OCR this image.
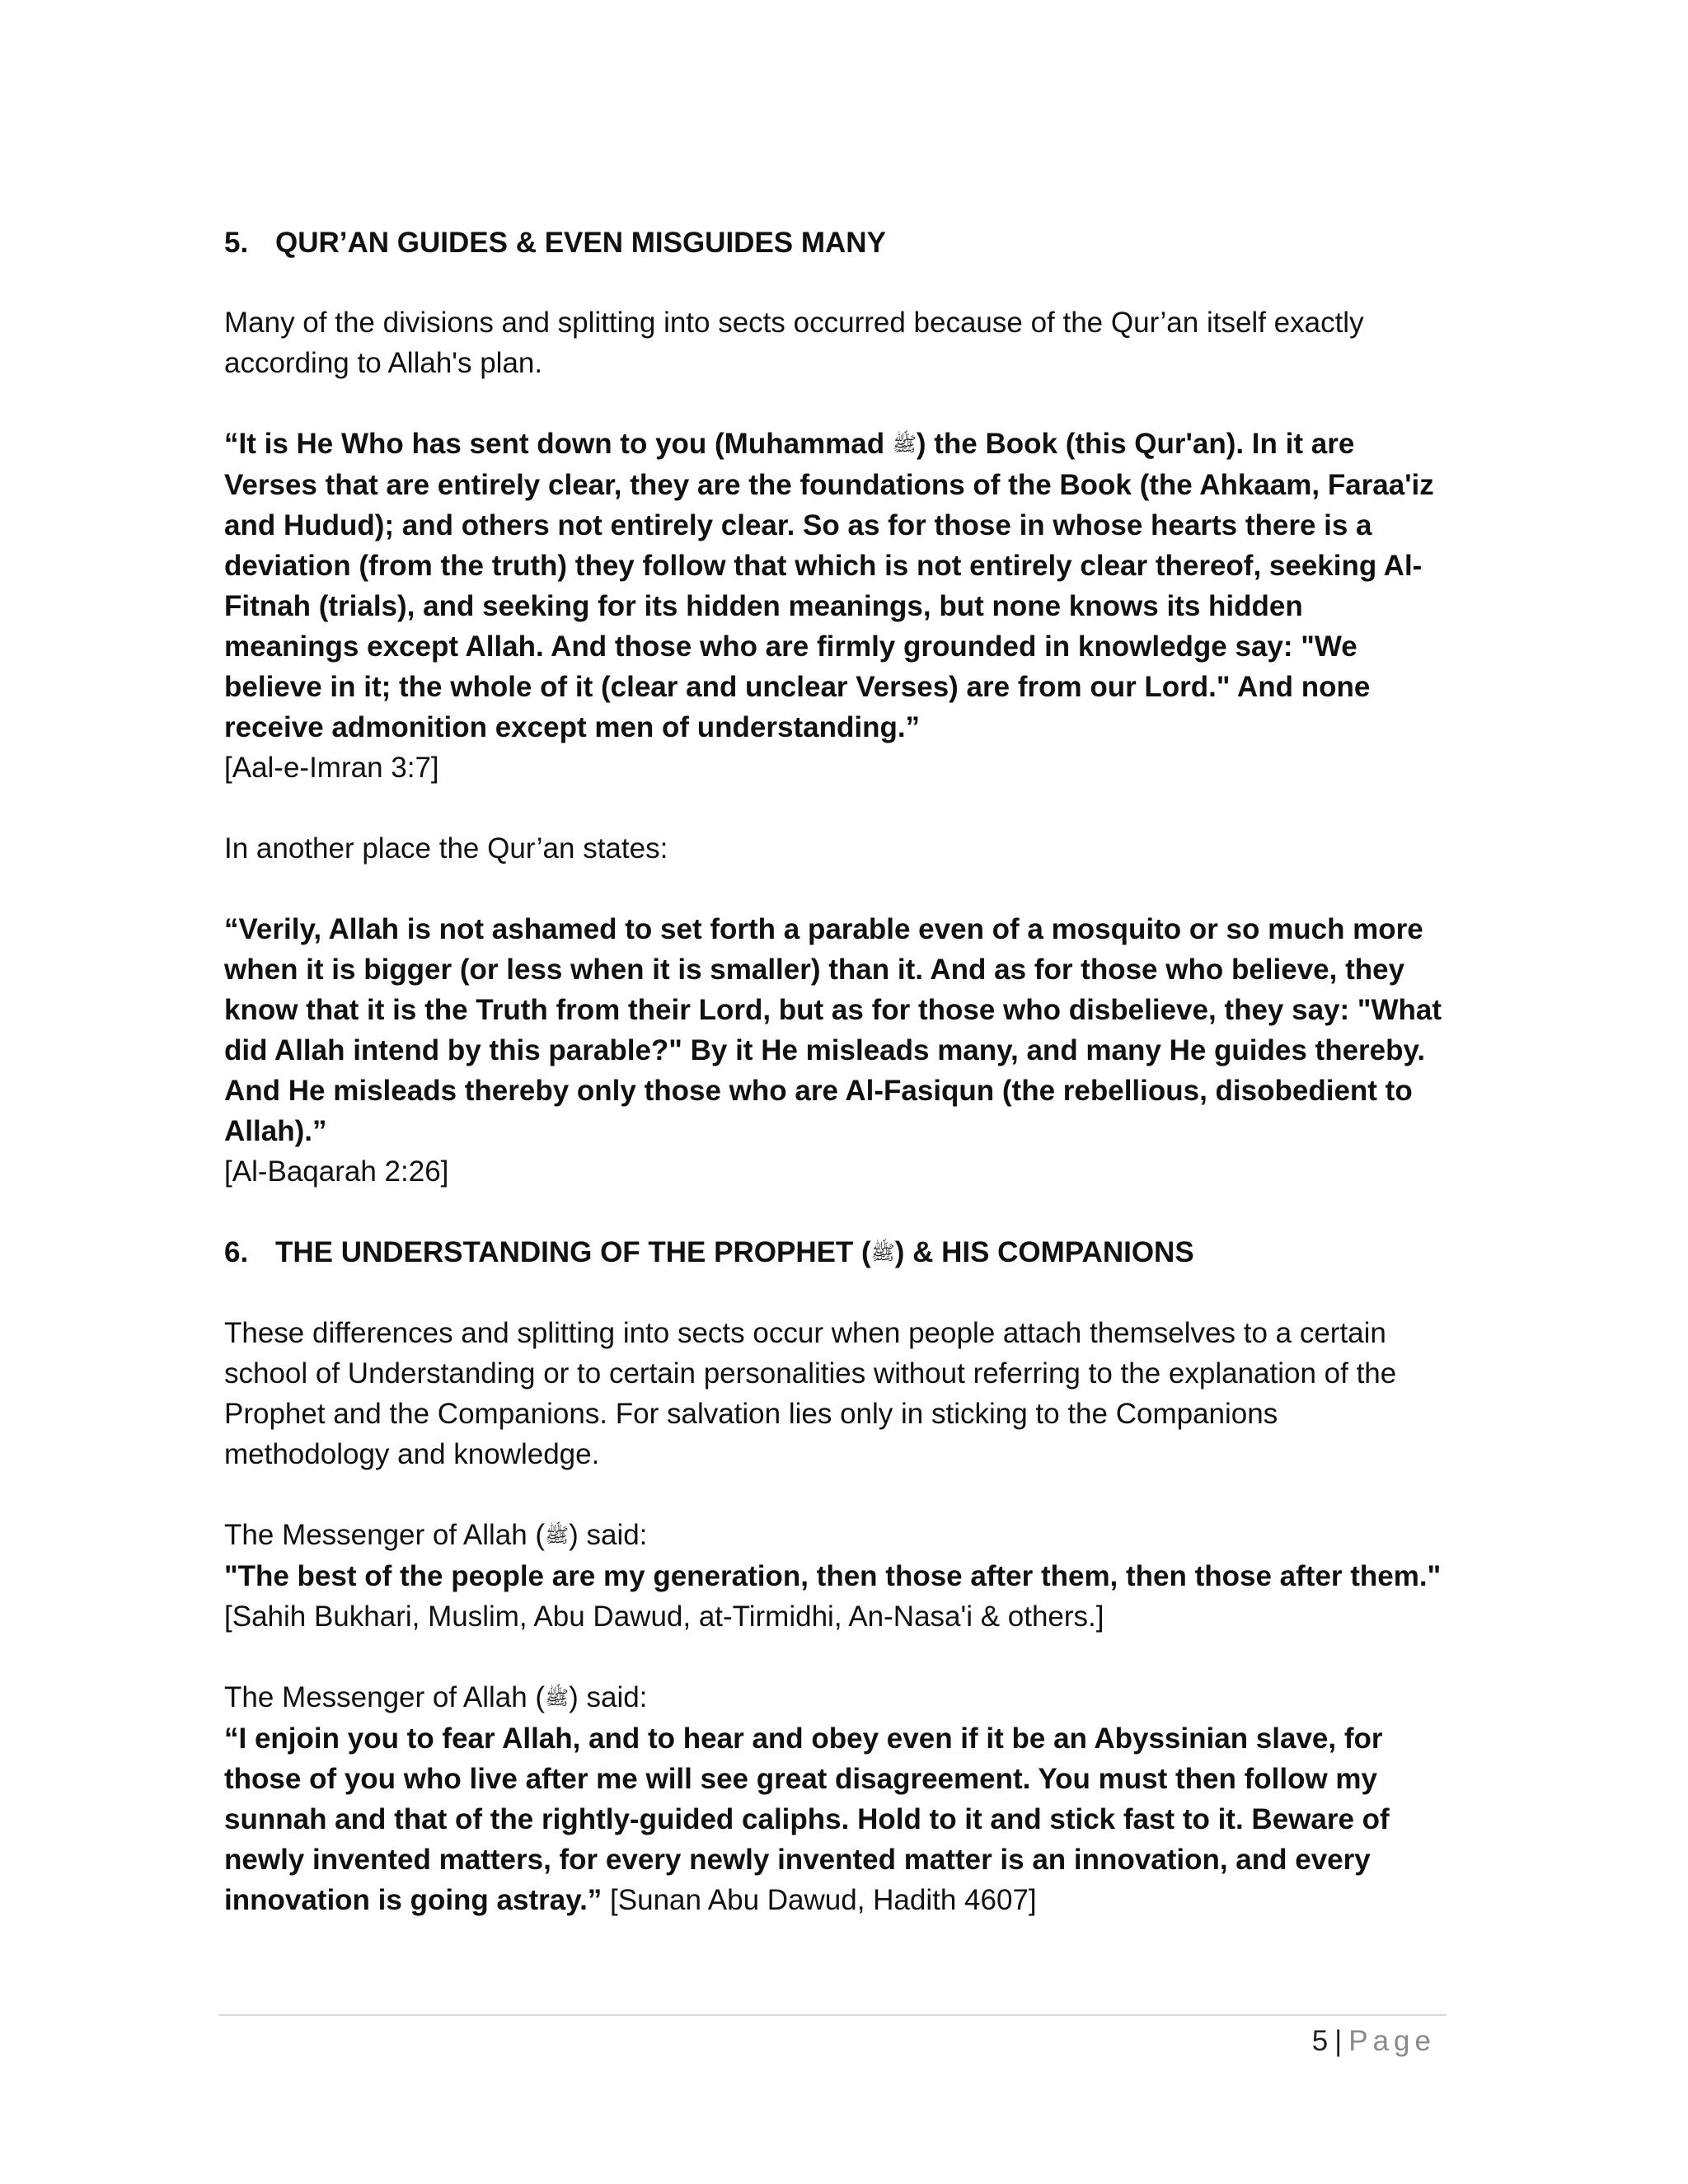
5. QUR’AN GUIDES & EVEN MISGUIDES MANY

Many of the divisions and splitting into sects occurred because of the Qur’an itself exactly according to Allah's plan.

“It is He Who has sent down to you (Muhammad ﷺ) the Book (this Qur'an). In it are Verses that are entirely clear, they are the foundations of the Book (the Ahkaam, Faraa'iz and Hudud); and others not entirely clear. So as for those in whose hearts there is a deviation (from the truth) they follow that which is not entirely clear thereof, seeking Al-Fitnah (trials), and seeking for its hidden meanings, but none knows its hidden meanings except Allah. And those who are firmly grounded in knowledge say: "We believe in it; the whole of it (clear and unclear Verses) are from our Lord." And none receive admonition except men of understanding.”

[Aal-e-Imran 3:7]

In another place the Qur’an states:

“Verily, Allah is not ashamed to set forth a parable even of a mosquito or so much more when it is bigger (or less when it is smaller) than it. And as for those who believe, they know that it is the Truth from their Lord, but as for those who disbelieve, they say: "What did Allah intend by this parable?" By it He misleads many, and many He guides thereby. And He misleads thereby only those who are Al-Fasiqun (the rebellious, disobedient to Allah).”

[Al-Baqarah 2:26]

6. THE UNDERSTANDING OF THE PROPHET (ﷺ) & HIS COMPANIONS

These differences and splitting into sects occur when people attach themselves to a certain school of Understanding or to certain personalities without referring to the explanation of the Prophet and the Companions. For salvation lies only in sticking to the Companions methodology and knowledge.

The Messenger of Allah (ﷺ) said:
"The best of the people are my generation, then those after them, then those after them." [Sahih Bukhari, Muslim, Abu Dawud, at-Tirmidhi, An-Nasa'i & others.]

The Messenger of Allah (ﷺ) said:
“I enjoin you to fear Allah, and to hear and obey even if it be an Abyssinian slave, for those of you who live after me will see great disagreement. You must then follow my sunnah and that of the rightly-guided caliphs. Hold to it and stick fast to it. Beware of newly invented matters, for every newly invented matter is an innovation, and every innovation is going astray.” [Sunan Abu Dawud, Hadith 4607]

5 | Page
